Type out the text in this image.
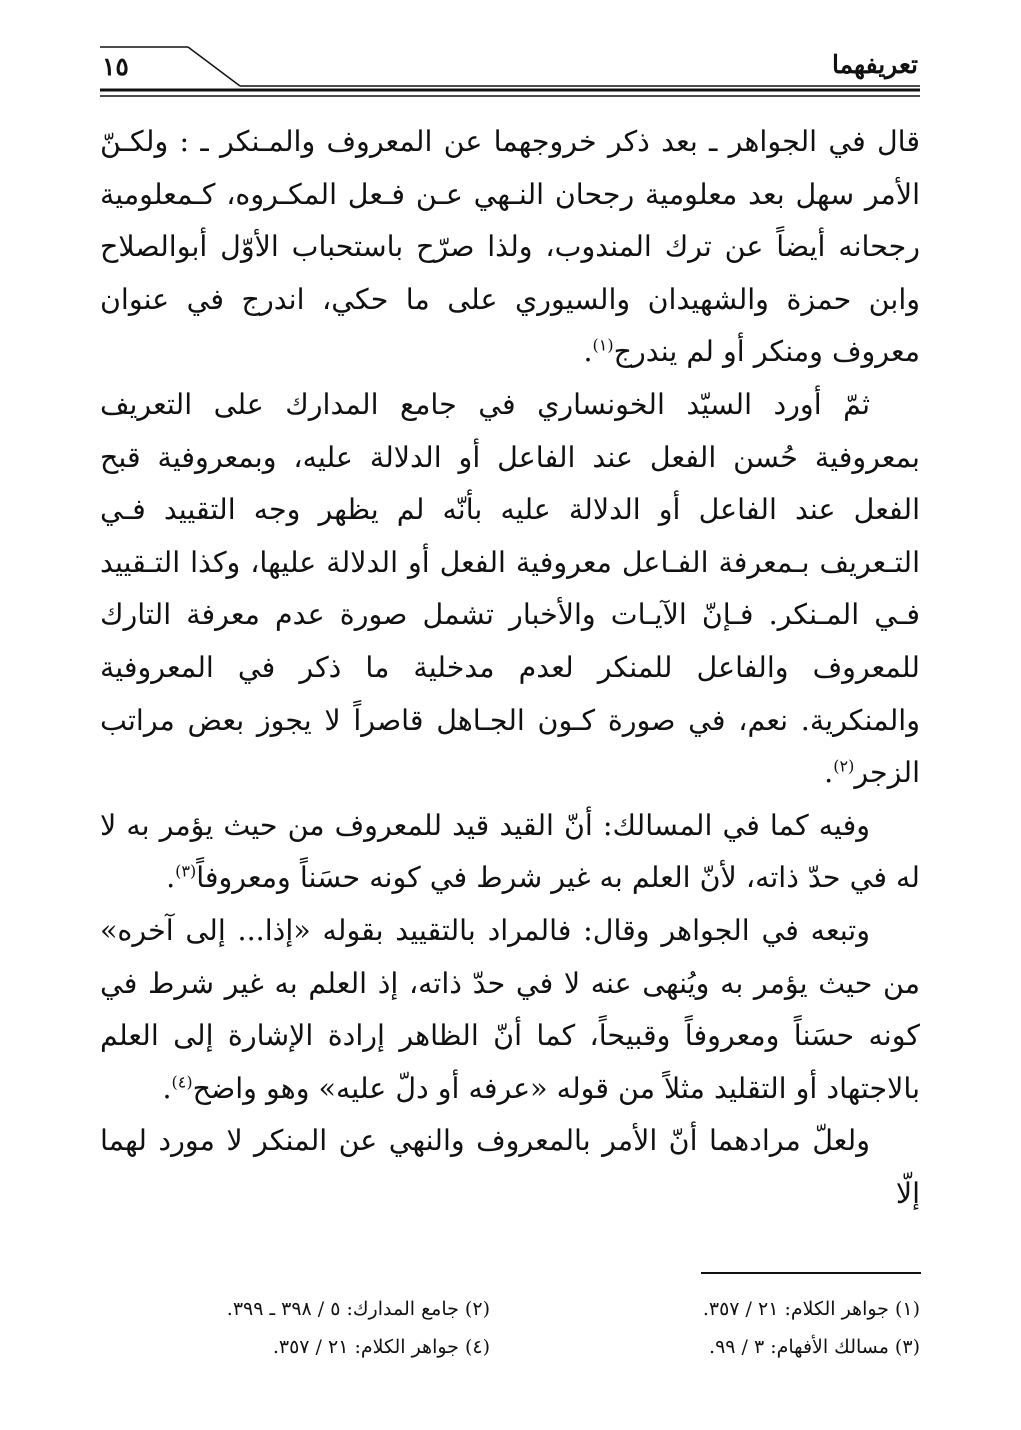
تعريفهما
١٥

قال في الجواهر ـ بعد ذكر خروجهما عن المعروف والمـنكر ـ : ولكـنّ الأمر سهل بعد معلومية رجحان النـهي عـن فـعل المكـروه، كـمعلومية رجحانه أيضاً عن ترك المندوب، ولذا صرّح باستحباب الأوّل أبوالصلاح وابن حمزة والشهيدان والسيوري على ما حكي، اندرج في عنوان معروف ومنكر أو لم يندرج$^{(١)}$.

ثمّ أورد السيّد الخونساري في جامع المدارك على التعريف بمعروفية حُسن الفعل عند الفاعل أو الدلالة عليه، وبمعروفية قبح الفعل عند الفاعل أو الدلالة عليه بأنّه لم يظهر وجه التقييد فـي التـعريف بـمعرفة الفـاعل معروفية الفعل أو الدلالة عليها، وكذا التـقييد فـي المـنكر. فـإنّ الآيـات والأخبار تشمل صورة عدم معرفة التارك للمعروف والفاعل للمنكر لعدم مدخلية ما ذكر في المعروفية والمنكرية. نعم، في صورة كـون الجـاهل قاصراً لا يجوز بعض مراتب الزجر$^{(٢)}$.

وفيه كما في المسالك: أنّ القيد قيد للمعروف من حيث يؤمر به لا له في حدّ ذاته، لأنّ العلم به غير شرط في كونه حسَناً ومعروفاً$^{(٣)}$.

وتبعه في الجواهر وقال: فالمراد بالتقييد بقوله «إذا... إلى آخره» من حيث يؤمر به ويُنهى عنه لا في حدّ ذاته، إذ العلم به غير شرط في كونه حسَناً ومعروفاً وقبيحاً، كما أنّ الظاهر إرادة الإشارة إلى العلم بالاجتهاد أو التقليد مثلاً من قوله «عرفه أو دلّ عليه» وهو واضح$^{(٤)}$.

ولعلّ مرادهما أنّ الأمر بالمعروف والنهي عن المنكر لا مورد لهما إلّا

(١) جواهر الكلام: ٢١ / ٣٥٧.
(٢) جامع المدارك: ٥ / ٣٩٨ ـ ٣٩٩.
(٣) مسالك الأفهام: ٣ / ٩٩.
(٤) جواهر الكلام: ٢١ / ٣٥٧.
